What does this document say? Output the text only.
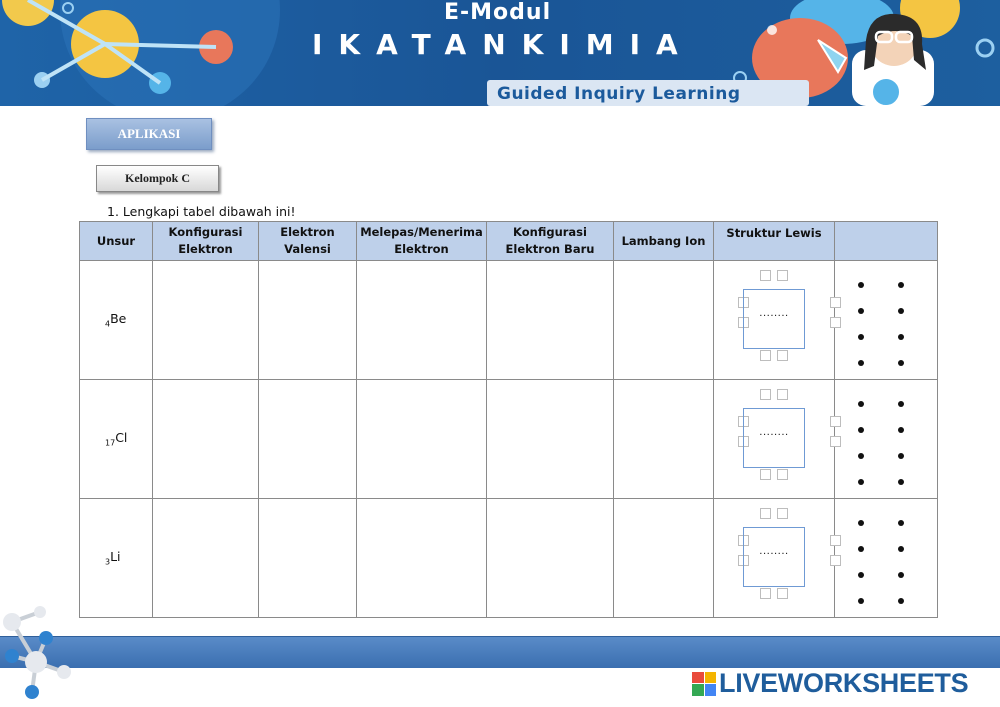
E-Modul
IKATANKIMIA
Guided Inquiry Learning
APLIKASI
Kelompok C
1. Lengkapi tabel dibawah ini!
Unsur	Konfigurasi Elektron	Elektron Valensi	Melepas/Menerima Elektron	Konfigurasi Elektron Baru	Lambang Ion	Struktur Lewis	
$_4$Be						........	

$_{17}$Cl						........	

$_3$Li						........	

LIVEWORKSHEETS
